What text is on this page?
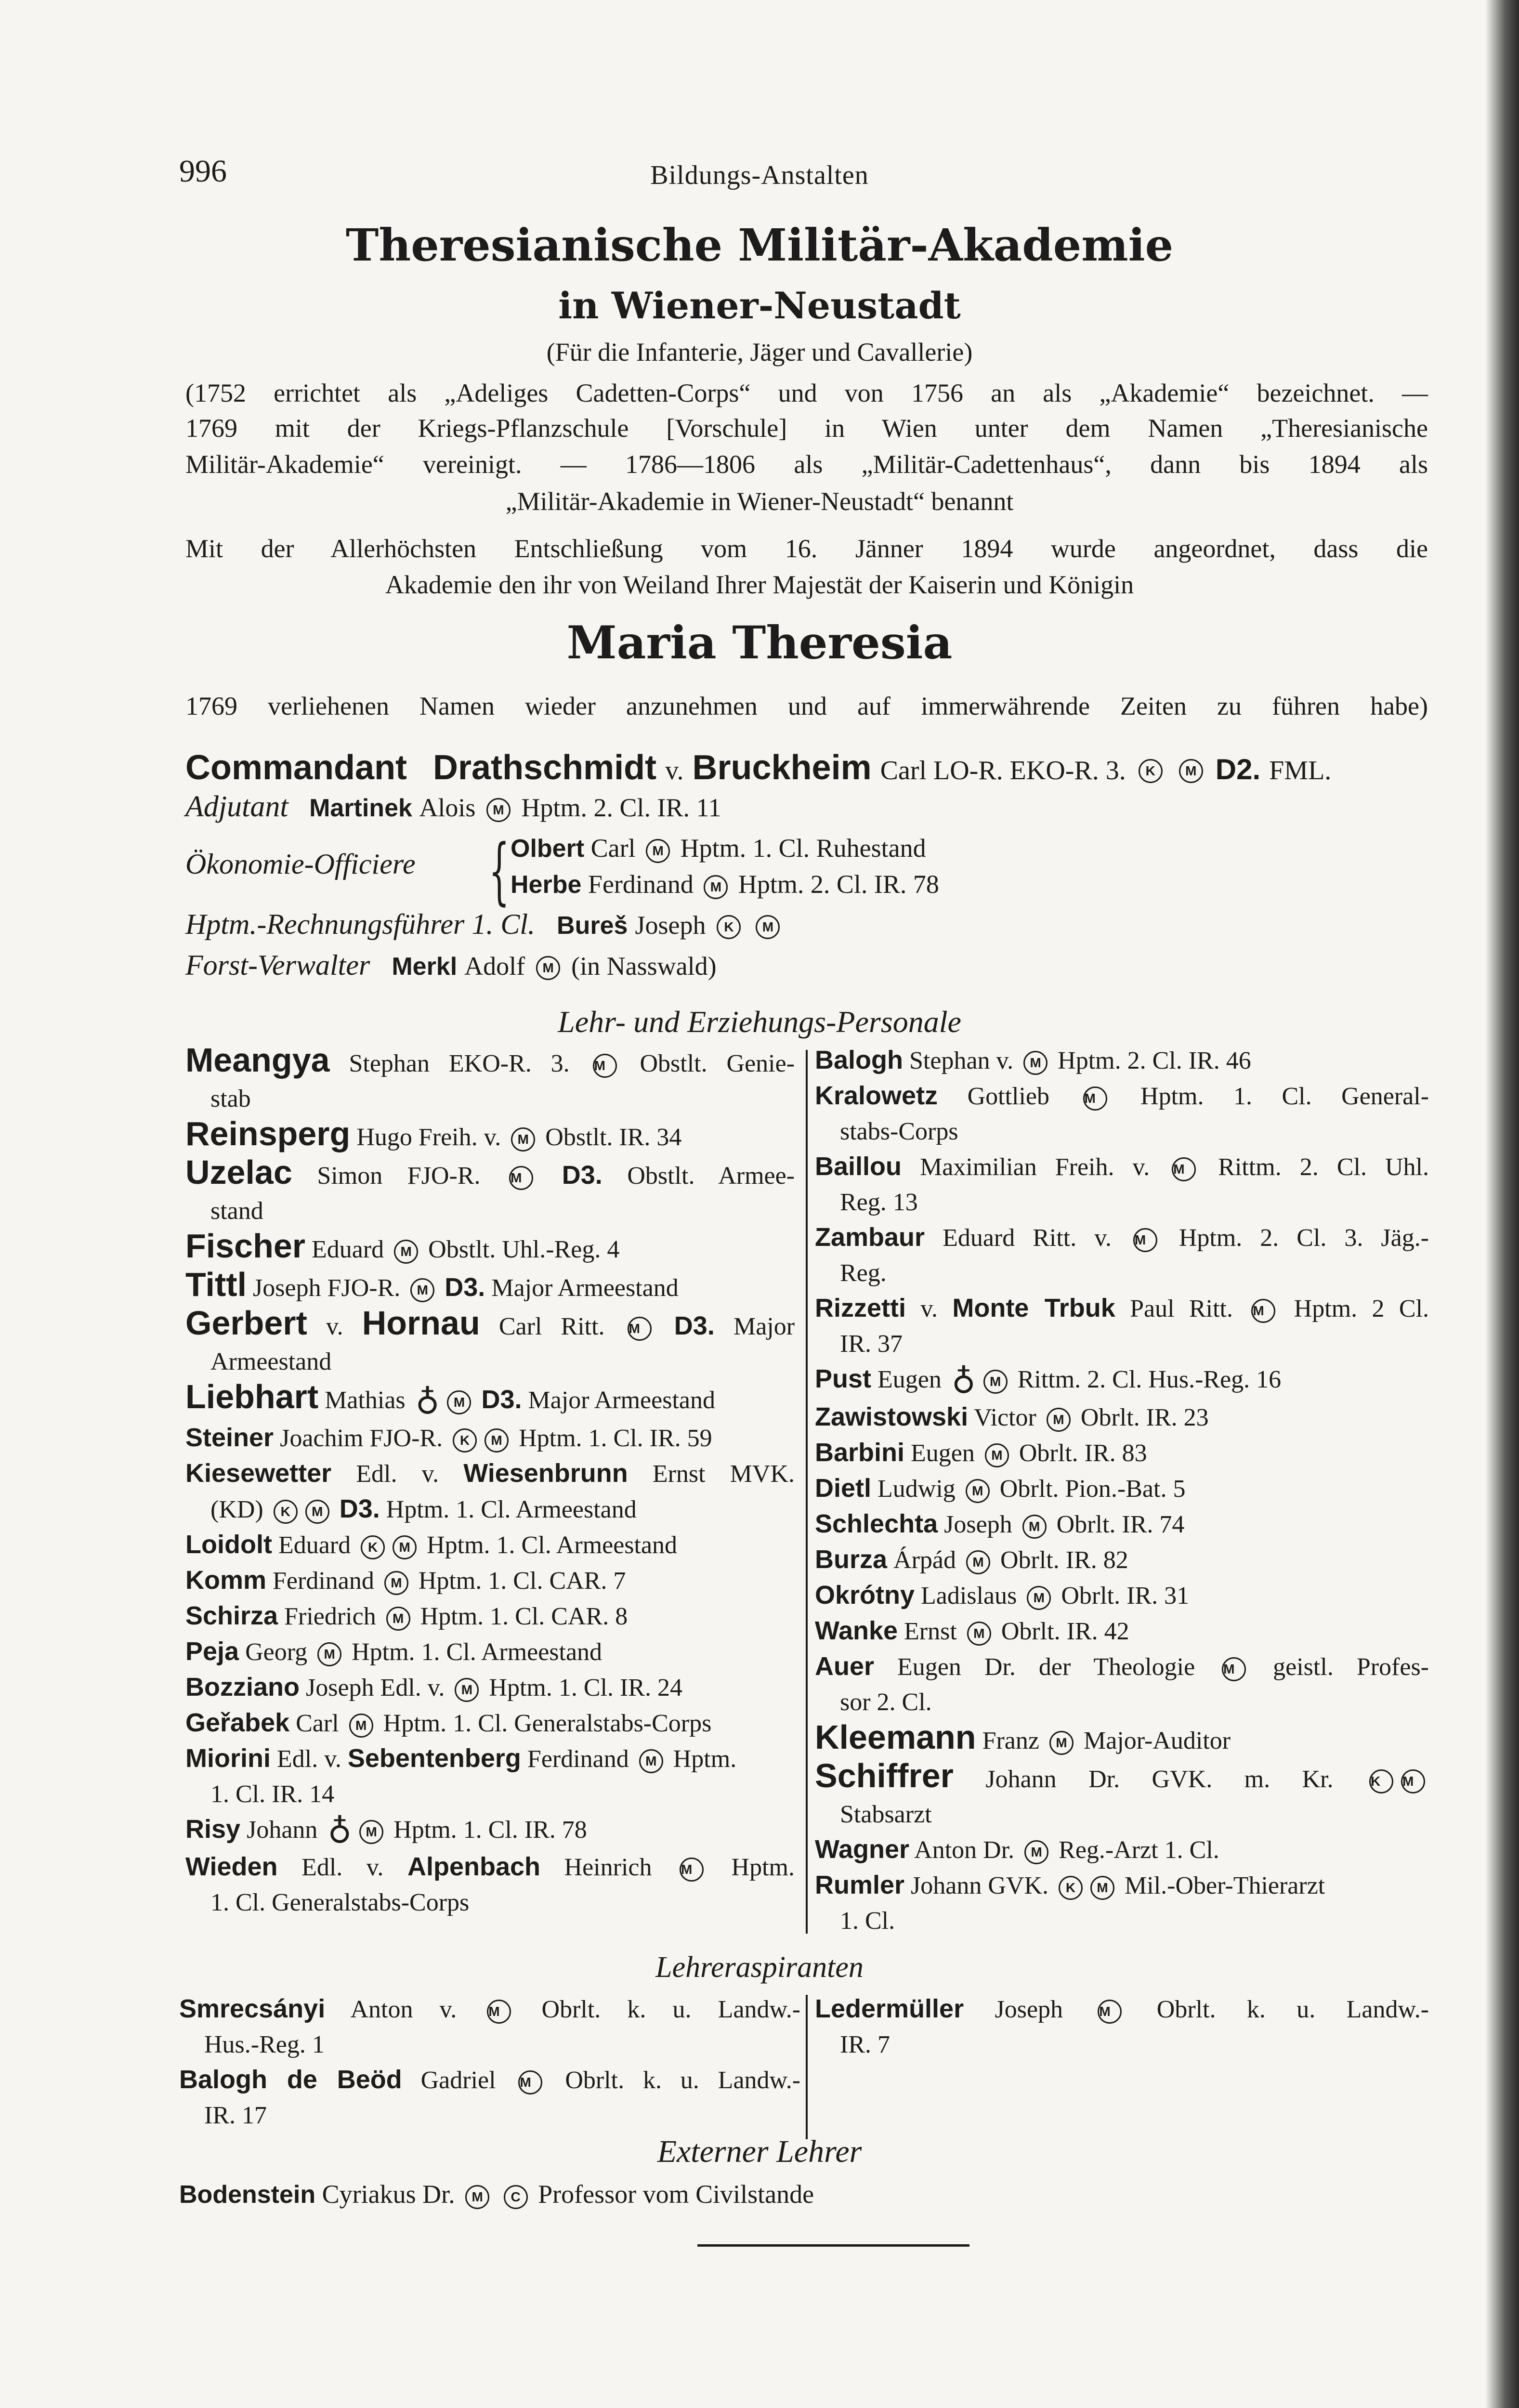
996	Bildungs-Anstalten
Theresianische Militär-Akademie
in Wiener-Neustadt
(Für die Infanterie, Jäger und Cavallerie)
(1752 errichtet als „Adeliges Cadetten-Corps“ und von 1756 an als „Akademie“ bezeichnet. —
1769 mit der Kriegs-Pflanzschule [Vorschule] in Wien unter dem Namen „Theresianische
Militär-Akademie“ vereinigt. — 1786—1806 als „Militär-Cadettenhaus“, dann bis 1894 als
„Militär-Akademie in Wiener-Neustadt“ benannt
Mit der Allerhöchsten Entschließung vom 16. Jänner 1894 wurde angeordnet, dass die
Akademie den ihr von Weiland Ihrer Majestät der Kaiserin und Königin
Maria Theresia
1769 verliehenen Namen wieder anzunehmen und auf immerwährende Zeiten zu führen habe)
Commandant Drathschmidt v. Bruckheim Carl LO-R. EKO-R. 3. K M D2. FML.
Adjutant Martinek Alois M Hptm. 2. Cl. IR. 11
Ökonomie-Officiere { Olbert Carl M Hptm. 1. Cl. Ruhestand
Herbe Ferdinand M Hptm. 2. Cl. IR. 78
Hptm.-Rechnungsführer 1. Cl. Bureš Joseph K M
Forst-Verwalter Merkl Adolf M (in Nasswald)
Lehr- und Erziehungs-Personale
Meangya Stephan EKO-R. 3. M Obstlt. Genie-
stab
Reinsperg Hugo Freih. v. M Obstlt. IR. 34
Uzelac Simon FJO-R. M D3. Obstlt. Armee-
stand
Fischer Eduard M Obstlt. Uhl.-Reg. 4
Tittl Joseph FJO-R. M D3. Major Armeestand
Gerbert v. Hornau Carl Ritt. M D3. Major
Armeestand
Liebhart Mathias ♁ M D3. Major Armeestand
Steiner Joachim FJO-R. K M Hptm. 1. Cl. IR. 59
Kiesewetter Edl. v. Wiesenbrunn Ernst MVK.
(KD) K M D3. Hptm. 1. Cl. Armeestand
Loidolt Eduard K M Hptm. 1. Cl. Armeestand
Komm Ferdinand M Hptm. 1. Cl. CAR. 7
Schirza Friedrich M Hptm. 1. Cl. CAR. 8
Peja Georg M Hptm. 1. Cl. Armeestand
Bozziano Joseph Edl. v. M Hptm. 1. Cl. IR. 24
Geřabek Carl M Hptm. 1. Cl. Generalstabs-Corps
Miorini Edl. v. Sebentenberg Ferdinand M Hptm.
1. Cl. IR. 14
Risy Johann ♁ M Hptm. 1. Cl. IR. 78
Wieden Edl. v. Alpenbach Heinrich M Hptm.
1. Cl. Generalstabs-Corps
Balogh Stephan v. M Hptm. 2. Cl. IR. 46
Kralowetz Gottlieb	M Hptm. 1. Cl. General-
stabs-Corps
Baillou Maximilian Freih. v. M Rittm. 2. Cl. Uhl.
Reg. 13
Zambaur Eduard Ritt. v. M Hptm. 2. Cl. 3. Jäg.-
Reg.
Rizzetti v. Monte Trbuk Paul Ritt. M Hptm. 2 Cl.
IR. 37
Pust Eugen ♁ M Rittm. 2. Cl. Hus.-Reg. 16
Zawistowski Victor M Obrlt. IR. 23
Barbini Eugen M Obrlt. IR. 83
Dietl Ludwig M Obrlt. Pion.-Bat. 5
Schlechta Joseph M Obrlt. IR. 74
Burza Árpád M Obrlt. IR. 82
Okrótny Ladislaus M Obrlt. IR. 31
Wanke Ernst M Obrlt. IR. 42
Auer Eugen Dr. der Theologie M geistl. Profes-
sor 2. Cl.
Kleemann Franz M Major-Auditor
Schiffrer Johann Dr. GVK. m. Kr.	K M
Stabsarzt
Wagner Anton Dr. M Reg.-Arzt 1. Cl.
Rumler Johann GVK. K M Mil.-Ober-Thierarzt
1. Cl.
Lehreraspiranten
Smrecsányi Anton v. M Obrlt. k. u. Landw.-
Hus.-Reg. 1
Balogh de Beöd Gadriel M Obrlt. k. u. Landw.-
IR. 17
Ledermüller Joseph	M Obrlt. k. u. Landw.-
IR. 7
Externer Lehrer
Bodenstein Cyriakus Dr. M C Professor vom Civilstande
